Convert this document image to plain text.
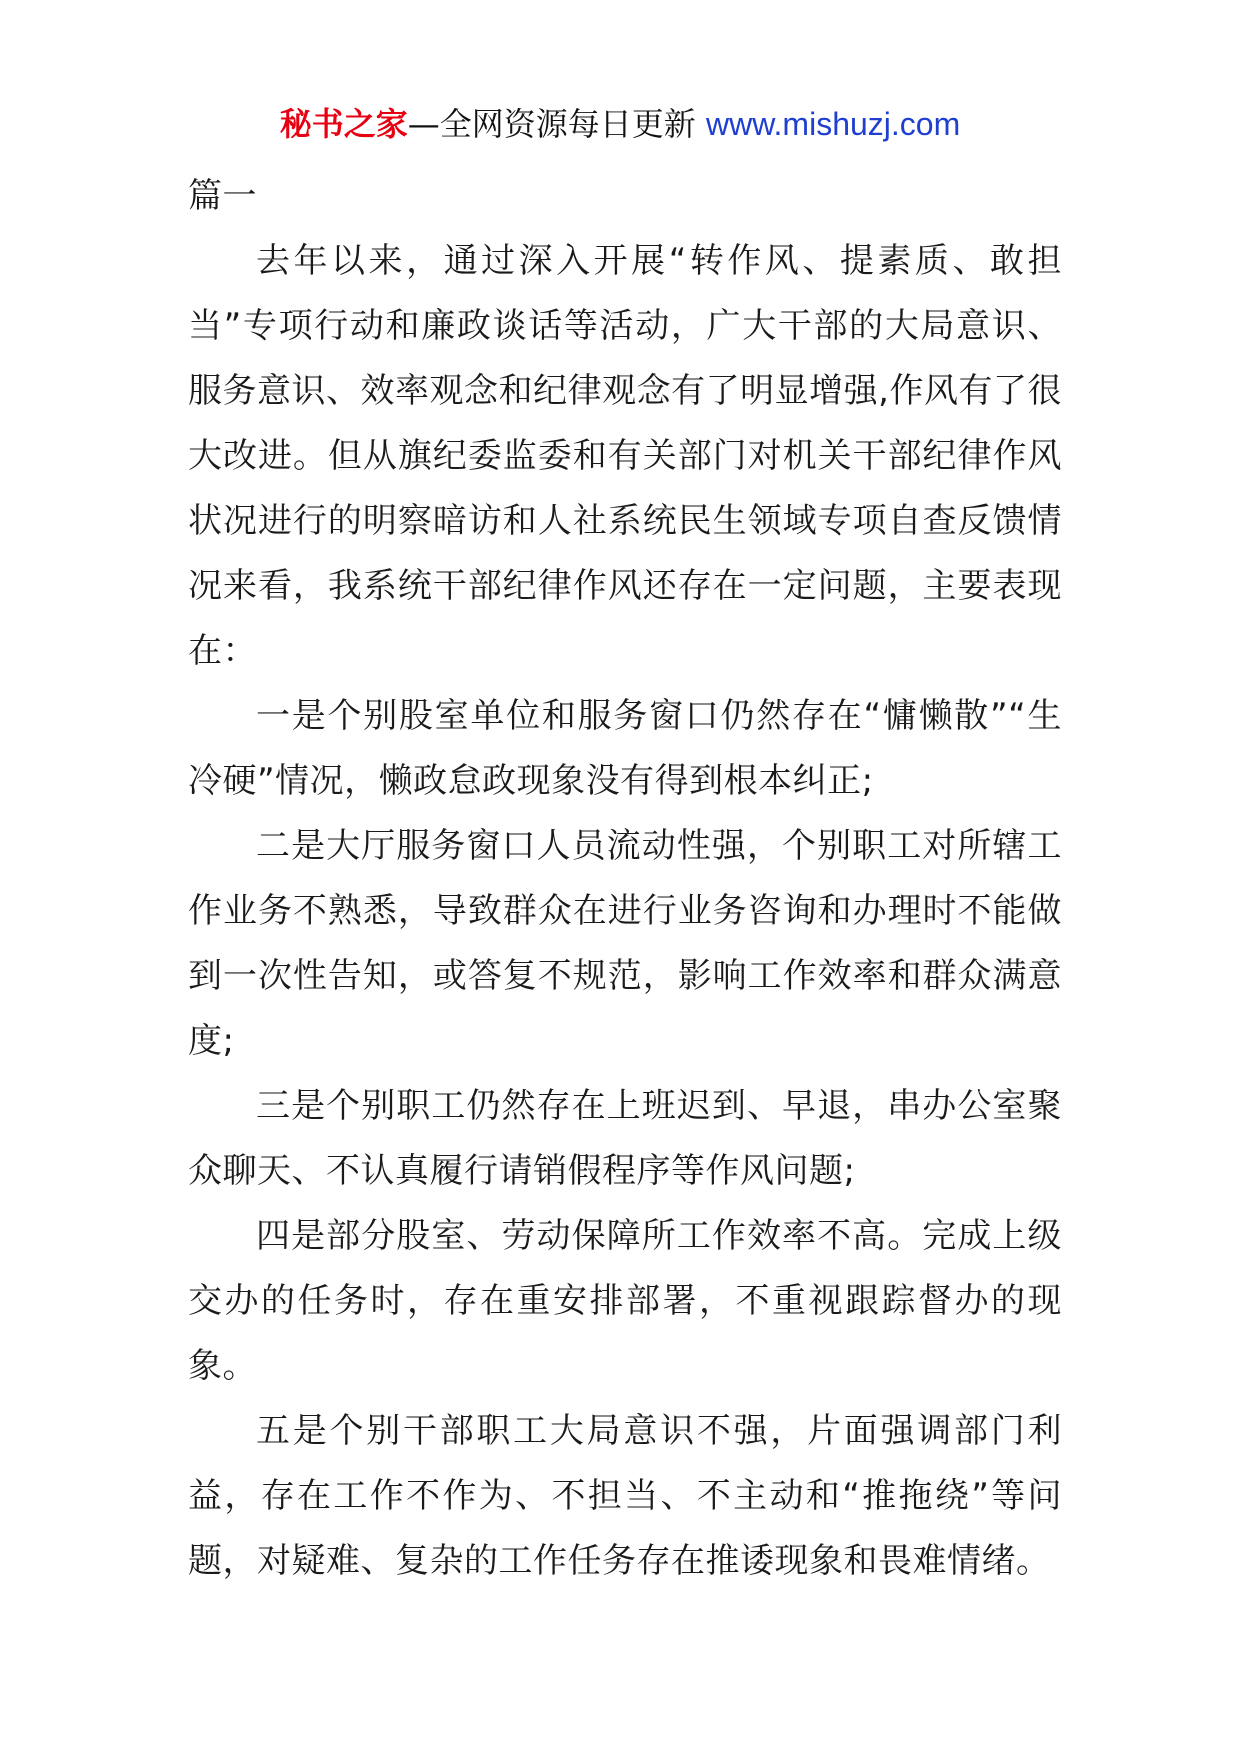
秘书之家—全网资源每日更新 www.mishuzj.com

篇一

去年以来，通过深入开展“转作风、提素质、敢担当”专项行动和廉政谈话等活动，广大干部的大局意识、服务意识、效率观念和纪律观念有了明显增强,作风有了很大改进。但从旗纪委监委和有关部门对机关干部纪律作风状况进行的明察暗访和人社系统民生领域专项自查反馈情况来看，我系统干部纪律作风还存在一定问题，主要表现在：

一是个别股室单位和服务窗口仍然存在“慵懒散”“生冷硬”情况，懒政怠政现象没有得到根本纠正;

二是大厅服务窗口人员流动性强，个别职工对所辖工作业务不熟悉，导致群众在进行业务咨询和办理时不能做到一次性告知，或答复不规范，影响工作效率和群众满意度;

三是个别职工仍然存在上班迟到、早退，串办公室聚众聊天、不认真履行请销假程序等作风问题;

四是部分股室、劳动保障所工作效率不高。完成上级交办的任务时，存在重安排部署，不重视跟踪督办的现象。

五是个别干部职工大局意识不强，片面强调部门利益，存在工作不作为、不担当、不主动和“推拖绕”等问题，对疑难、复杂的工作任务存在推诿现象和畏难情绪。
